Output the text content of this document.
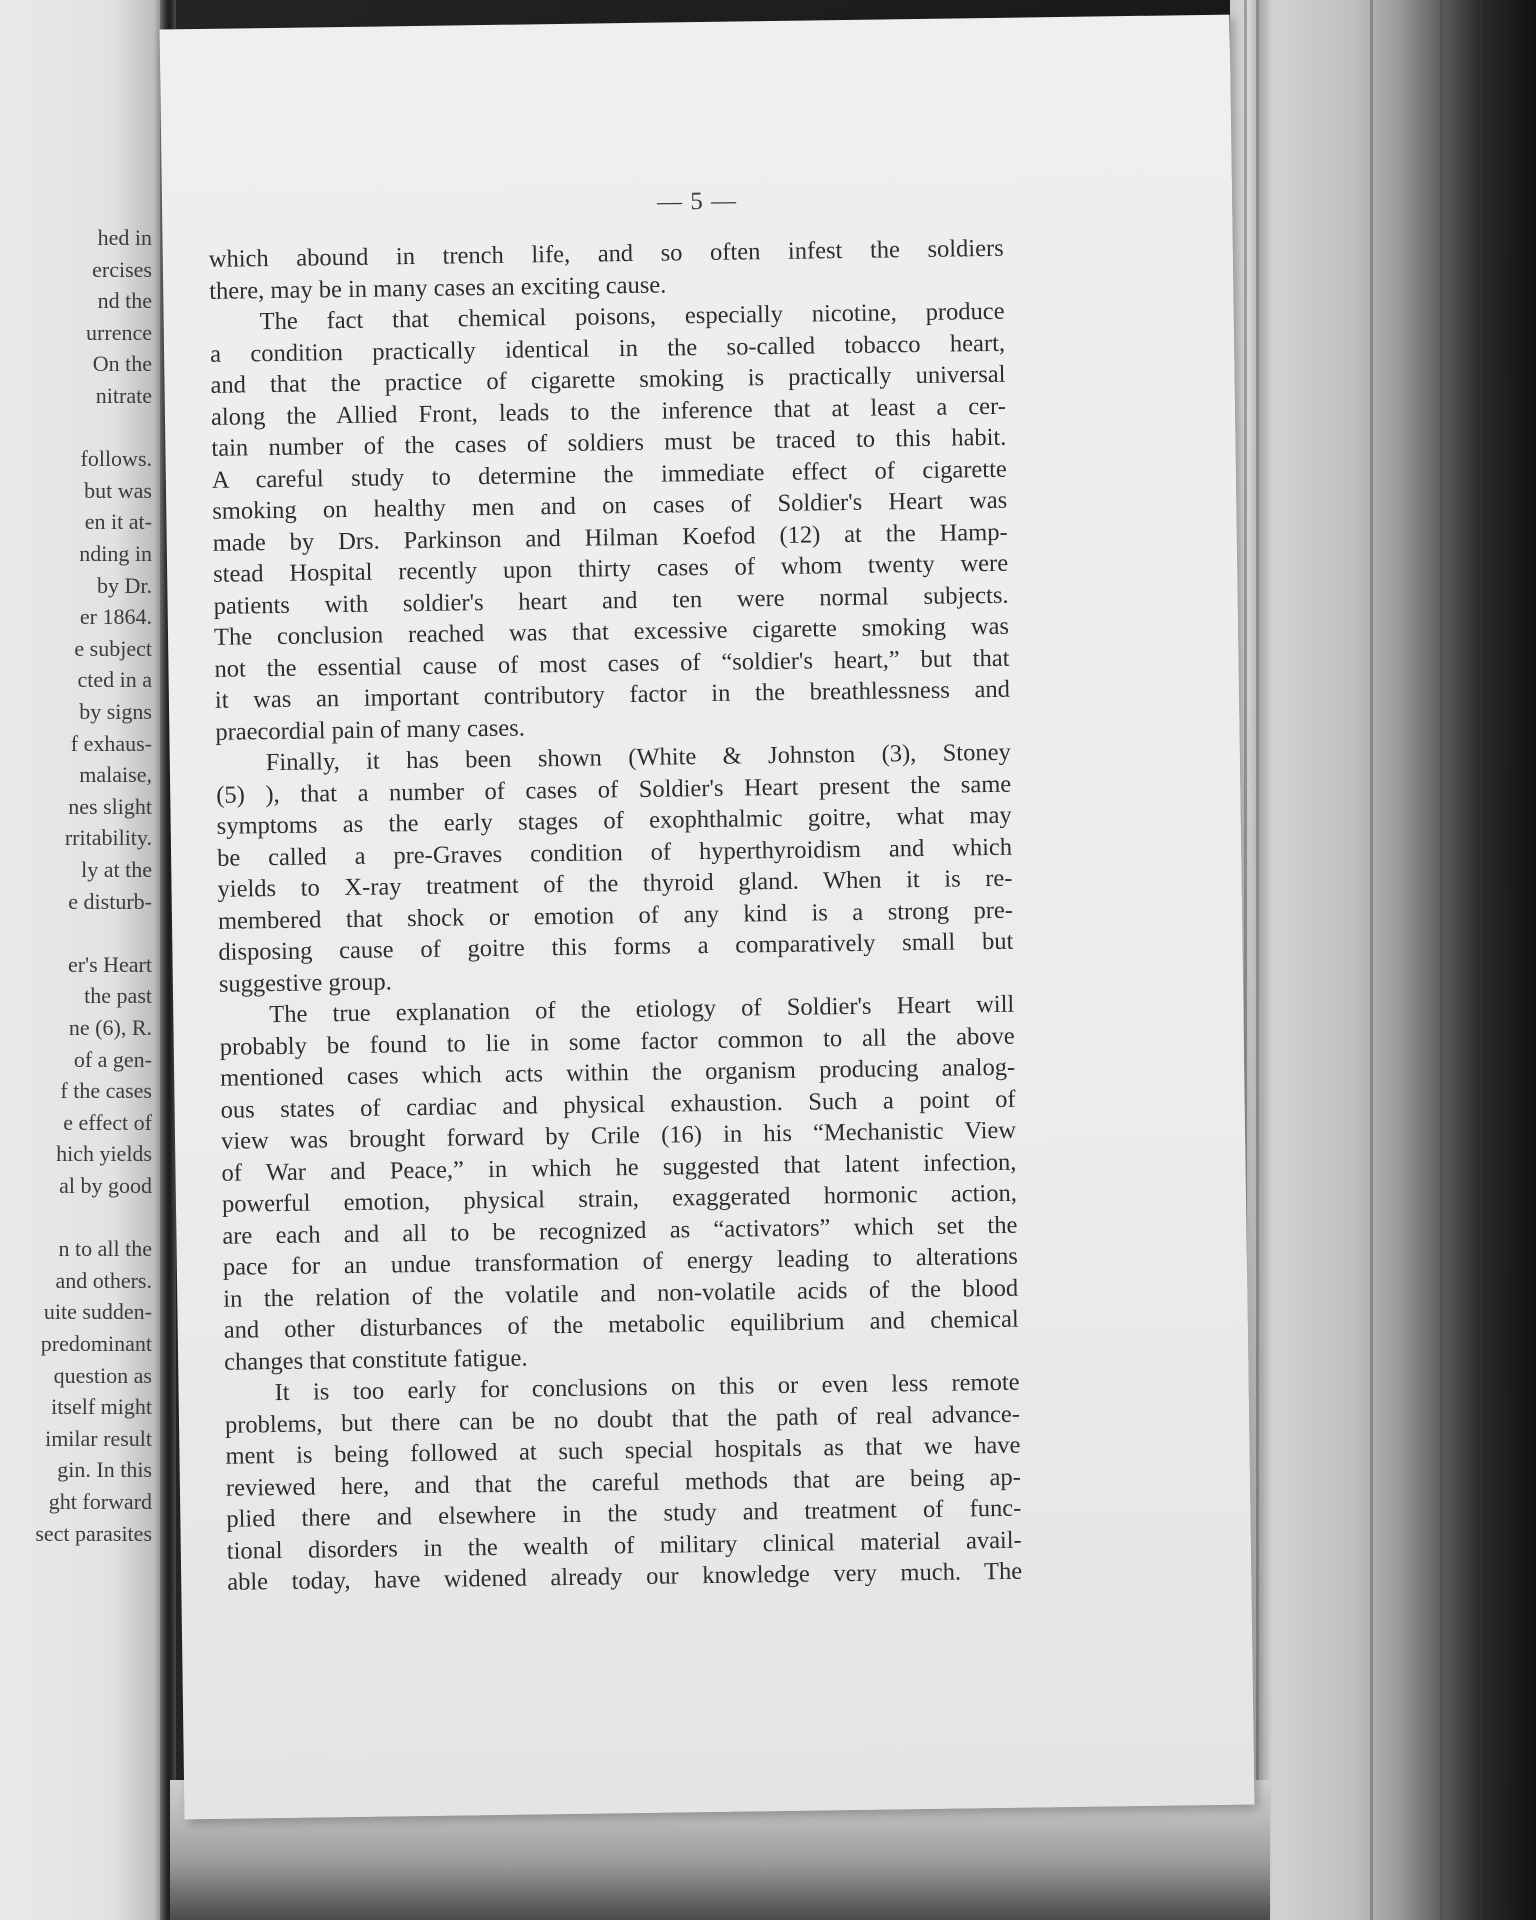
hed in
ercises
nd the
urrence
On the
nitrate
follows.
but was
en it at-
nding in
by Dr.
er 1864.
e subject
cted in a
by signs
f exhaus-
malaise,
nes slight
rritability.
ly at the
e disturb-
er's Heart
the past
ne (6), R.
of a gen-
f the cases
e effect of
hich yields
al by good
n to all the
and others.
uite sudden-
predominant
question as
itself might
imilar result
gin. In this
ght forward
sect parasites
— 5 —
which abound in trench life, and so often infest the soldiers
there, may be in many cases an exciting cause.
The fact that chemical poisons, especially nicotine, produce
a condition practically identical in the so-called tobacco heart,
and that the practice of cigarette smoking is practically universal
along the Allied Front, leads to the inference that at least a cer-
tain number of the cases of soldiers must be traced to this habit.
A careful study to determine the immediate effect of cigarette
smoking on healthy men and on cases of Soldier's Heart was
made by Drs. Parkinson and Hilman Koefod (12) at the Hamp-
stead Hospital recently upon thirty cases of whom twenty were
patients with soldier's heart and ten were normal subjects.
The conclusion reached was that excessive cigarette smoking was
not the essential cause of most cases of “soldier's heart,” but that
it was an important contributory factor in the breathlessness and
praecordial pain of many cases.
Finally, it has been shown (White & Johnston (3), Stoney
(5) ), that a number of cases of Soldier's Heart present the same
symptoms as the early stages of exophthalmic goitre, what may
be called a pre-Graves condition of hyperthyroidism and which
yields to X-ray treatment of the thyroid gland. When it is re-
membered that shock or emotion of any kind is a strong pre-
disposing cause of goitre this forms a comparatively small but
suggestive group.
The true explanation of the etiology of Soldier's Heart will
probably be found to lie in some factor common to all the above
mentioned cases which acts within the organism producing analog-
ous states of cardiac and physical exhaustion. Such a point of
view was brought forward by Crile (16) in his “Mechanistic View
of War and Peace,” in which he suggested that latent infection,
powerful emotion, physical strain, exaggerated hormonic action,
are each and all to be recognized as “activators” which set the
pace for an undue transformation of energy leading to alterations
in the relation of the volatile and non-volatile acids of the blood
and other disturbances of the metabolic equilibrium and chemical
changes that constitute fatigue.
It is too early for conclusions on this or even less remote
problems, but there can be no doubt that the path of real advance-
ment is being followed at such special hospitals as that we have
reviewed here, and that the careful methods that are being ap-
plied there and elsewhere in the study and treatment of func-
tional disorders in the wealth of military clinical material avail-
able today, have widened already our knowledge very much. The
